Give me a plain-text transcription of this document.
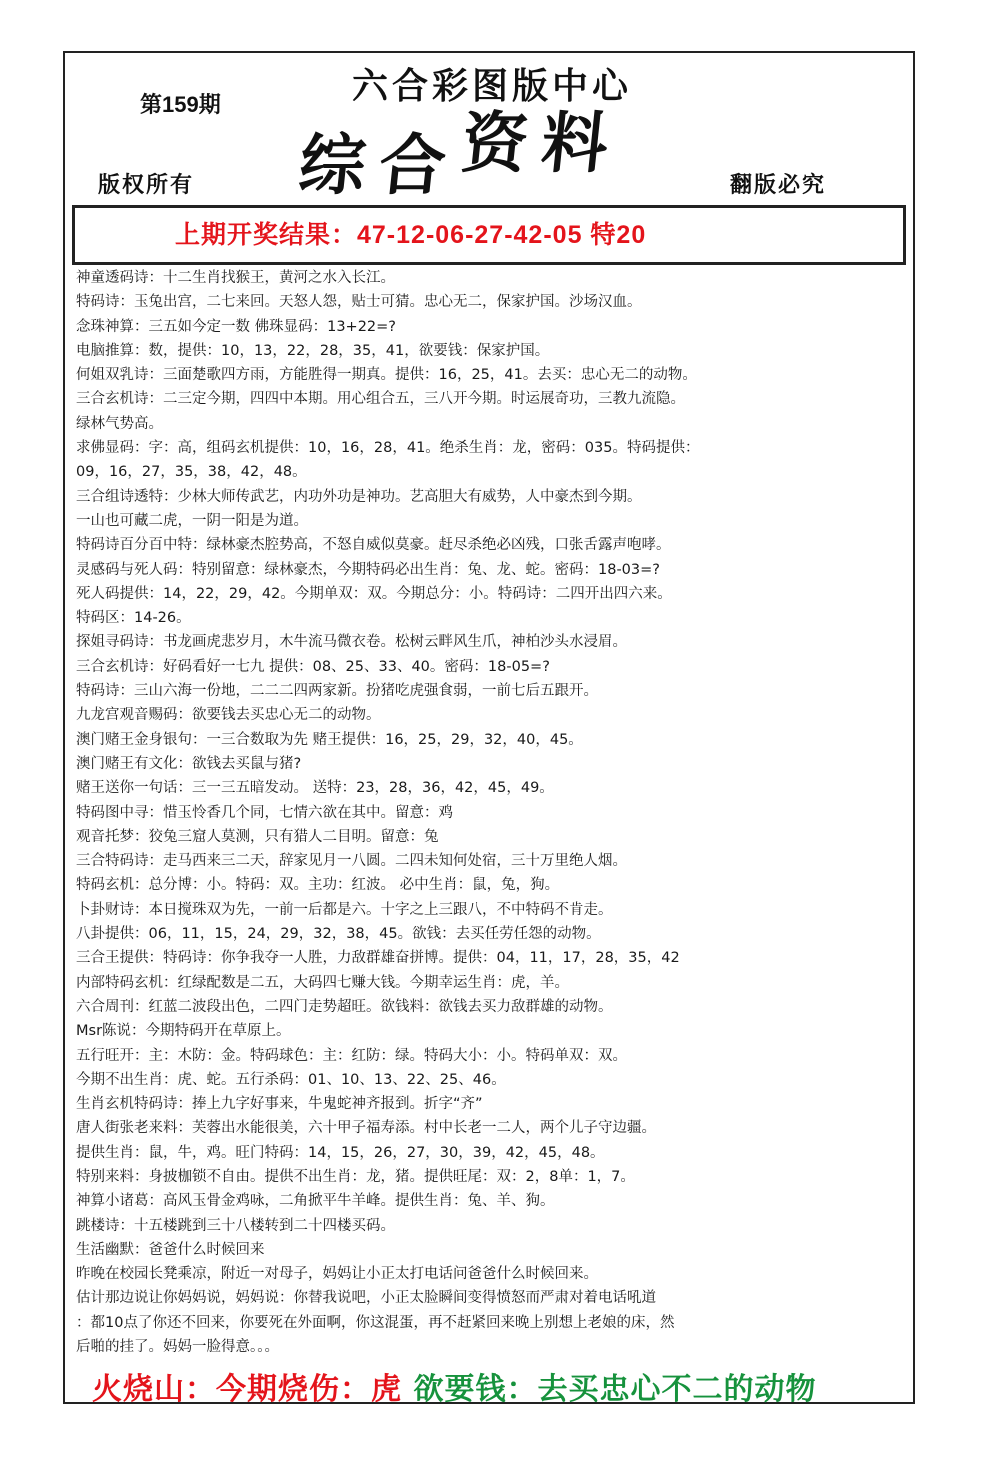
第159期	六合彩图版中心
综合资料
版权所有	翻版必究
上期开奖结果：47-12-06-27-42-05 特20
神童透码诗：十二生肖找猴王，黄河之水入长江。
特码诗：玉兔出宫，二七来回。天怒人怨，贴士可猜。忠心无二，保家护国。沙场汉血。
念珠神算：三五如今定一数 佛珠显码：13+22=?
电脑推算：数，提供：10，13，22，28，35，41，欲要钱：保家护国。
何姐双乳诗：三面楚歌四方雨，方能胜得一期真。提供：16，25，41。去买：忠心无二的动物。
三合玄机诗：二三定今期，四四中本期。用心组合五，三八开今期。时运展奇功，三教九流隐。
绿林气势高。
求佛显码：字：高，组码玄机提供：10，16，28，41。绝杀生肖：龙，密码：035。特码提供：
09，16，27，35，38，42，48。
三合组诗透特：少林大师传武艺，内功外功是神功。艺高胆大有威势，人中豪杰到今期。
一山也可藏二虎，一阴一阳是为道。
特码诗百分百中特：绿林豪杰腔势高，不怒自威似莫豪。赶尽杀绝必凶残，口张舌露声咆哮。
灵感码与死人码：特别留意：绿林豪杰，今期特码必出生肖：兔、龙、蛇。密码：18-03=?
死人码提供：14，22，29，42。今期单双：双。今期总分：小。特码诗：二四开出四六来。
特码区：14-26。
探姐寻码诗：书龙画虎悲岁月，木牛流马微衣卷。松树云畔风生爪，神柏沙头水浸眉。
三合玄机诗：好码看好一七九 提供：08、25、33、40。密码：18-05=?
特码诗：三山六海一份地，二二二四两家新。扮猪吃虎强食弱，一前七后五跟开。
九龙宫观音赐码：欲要钱去买忠心无二的动物。
澳门赌王金身银句：一三合数取为先 赌王提供：16，25，29，32，40，45。
澳门赌王有文化：欲钱去买鼠与猪?
赌王送你一句话：三一三五暗发动。 送特：23，28，36，42，45，49。
特码图中寻：惜玉怜香几个同，七情六欲在其中。留意：鸡
观音托梦：狡兔三窟人莫测，只有猎人二目明。留意：兔
三合特码诗：走马西来三二天，辞家见月一八圆。二四未知何处宿，三十万里绝人烟。
特码玄机：总分博：小。特码：双。主功：红波。 必中生肖：鼠，兔，狗。
卜卦财诗：本日搅珠双为先，一前一后都是六。十字之上三跟八，不中特码不肯走。
八卦提供：06，11，15，24，29，32，38，45。欲钱：去买任劳任怨的动物。
三合王提供：特码诗：你争我夺一人胜，力敌群雄奋拼博。提供：04，11，17，28，35，42
内部特码玄机：红绿配数是二五，大码四七赚大钱。今期幸运生肖：虎，羊。
六合周刊：红蓝二波段出色，二四门走势超旺。欲钱料：欲钱去买力敌群雄的动物。
Msr陈说：今期特码开在草原上。
五行旺开：主：木防：金。特码球色：主：红防：绿。特码大小：小。特码单双：双。
今期不出生肖：虎、蛇。五行杀码：01、10、13、22、25、46。
生肖玄机特码诗：捧上九字好事来，牛鬼蛇神齐报到。折字“齐”
唐人街张老来料：芙蓉出水能很美，六十甲子福寿添。村中长老一二人，两个儿子守边疆。
提供生肖：鼠，牛，鸡。旺门特码：14，15，26，27，30，39，42，45，48。
特别来料：身披枷锁不自由。提供不出生肖：龙，猪。提供旺尾：双：2，8单：1，7。
神算小诸葛：高风玉骨金鸡咏，二角掀平牛羊峰。提供生肖：兔、羊、狗。
跳楼诗：十五楼跳到三十八楼转到二十四楼买码。
生活幽默：爸爸什么时候回来
昨晚在校园长凳乘凉，附近一对母子，妈妈让小正太打电话问爸爸什么时候回来。
估计那边说让你妈妈说，妈妈说：你替我说吧，小正太脸瞬间变得愤怒而严肃对着电话吼道
：都10点了你还不回来，你要死在外面啊，你这混蛋，再不赶紧回来晚上别想上老娘的床，然
后啪的挂了。妈妈一脸得意。。。
火烧山：今期烧伤：虎 欲要钱：去买忠心不二的动物
